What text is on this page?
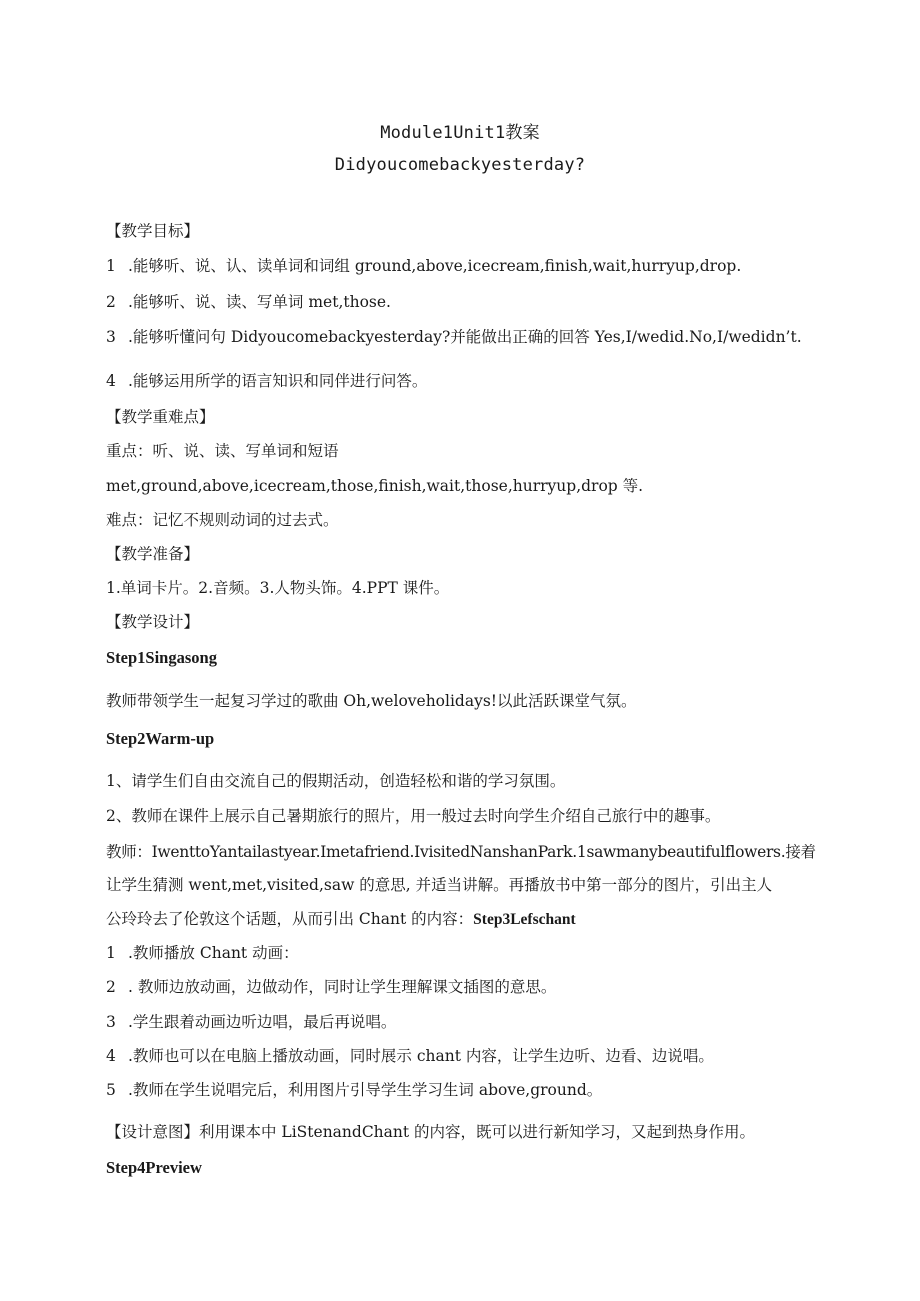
Module1Unit1教案
Didyoucomebackyesterday?
【教学目标】
1 .能够听、说、认、读单词和词组 ground,above,icecream,finish,wait,hurryup,drop.
2 .能够听、说、读、写单词 met,those.
3 .能够听懂问句 Didyoucomebackyesterday?并能做出正确的回答 Yes,I/wedid.No,I/wedidn’t.
4 .能够运用所学的语言知识和同伴进行问答。
【教学重难点】
重点：听、说、读、写单词和短语
met,ground,above,icecream,those,finish,wait,those,hurryup,drop 等.
难点：记忆不规则动词的过去式。
【教学准备】
1.单词卡片。2.音频。3.人物头饰。4.PPT 课件。
【教学设计】
Step1Singasong
教师带领学生一起复习学过的歌曲 Oh,weloveholidays!以此活跃课堂气氛。
Step2Warm-up
1、请学生们自由交流自己的假期活动，创造轻松和谐的学习氛围。
2、教师在课件上展示自己暑期旅行的照片，用一般过去时向学生介绍自己旅行中的趣事。
教师：IwenttoYantailastyear.Imetafriend.IvisitedNanshanPark.1sawmanybeautifulflowers.接着
让学生猜测 went,met,visited,saw 的意思, 并适当讲解。再播放书中第一部分的图片，引出主人
公玲玲去了伦敦这个话题，从而引出 Chant 的内容：Step3Lefschant
1 .教师播放 Chant 动画：
2 . 教师边放动画，边做动作，同时让学生理解课文插图的意思。
3 .学生跟着动画边听边唱，最后再说唱。
4 .教师也可以在电脑上播放动画，同时展示 chant 内容，让学生边听、边看、边说唱。
5 .教师在学生说唱完后，利用图片引导学生学习生词 above,ground。
【设计意图】利用课本中 LiStenandChant 的内容，既可以进行新知学习，又起到热身作用。
Step4Preview
